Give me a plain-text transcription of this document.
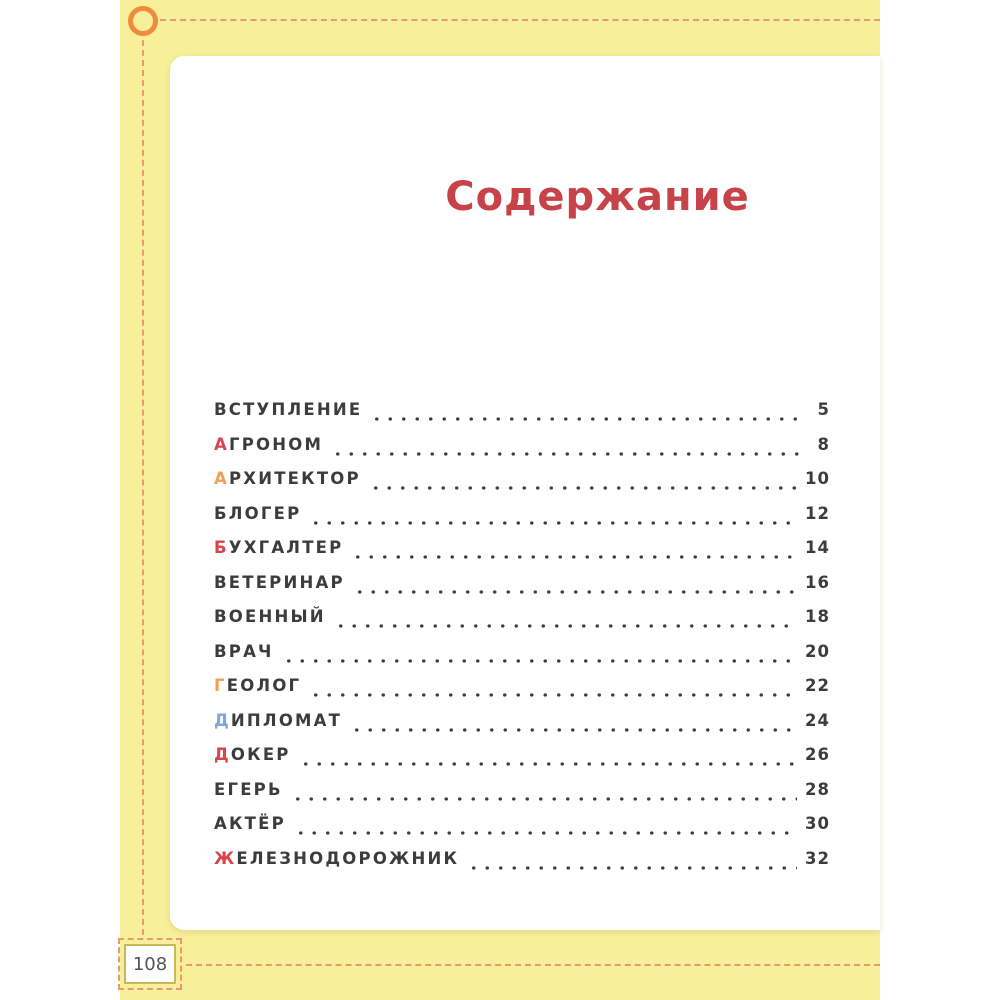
Содержание
ВСТУПЛЕНИЕ	5
АГРОНОМ	8
АРХИТЕКТОР	10
БЛОГЕР	12
БУХГАЛТЕР	14
ВЕТЕРИНАР	16
ВОЕННЫЙ	18
ВРАЧ	20
ГЕОЛОГ	22
ДИПЛОМАТ	24
ДОКЕР	26
ЕГЕРЬ	28
АКТЁР	30
ЖЕЛЕЗНОДОРОЖНИК	32
108
